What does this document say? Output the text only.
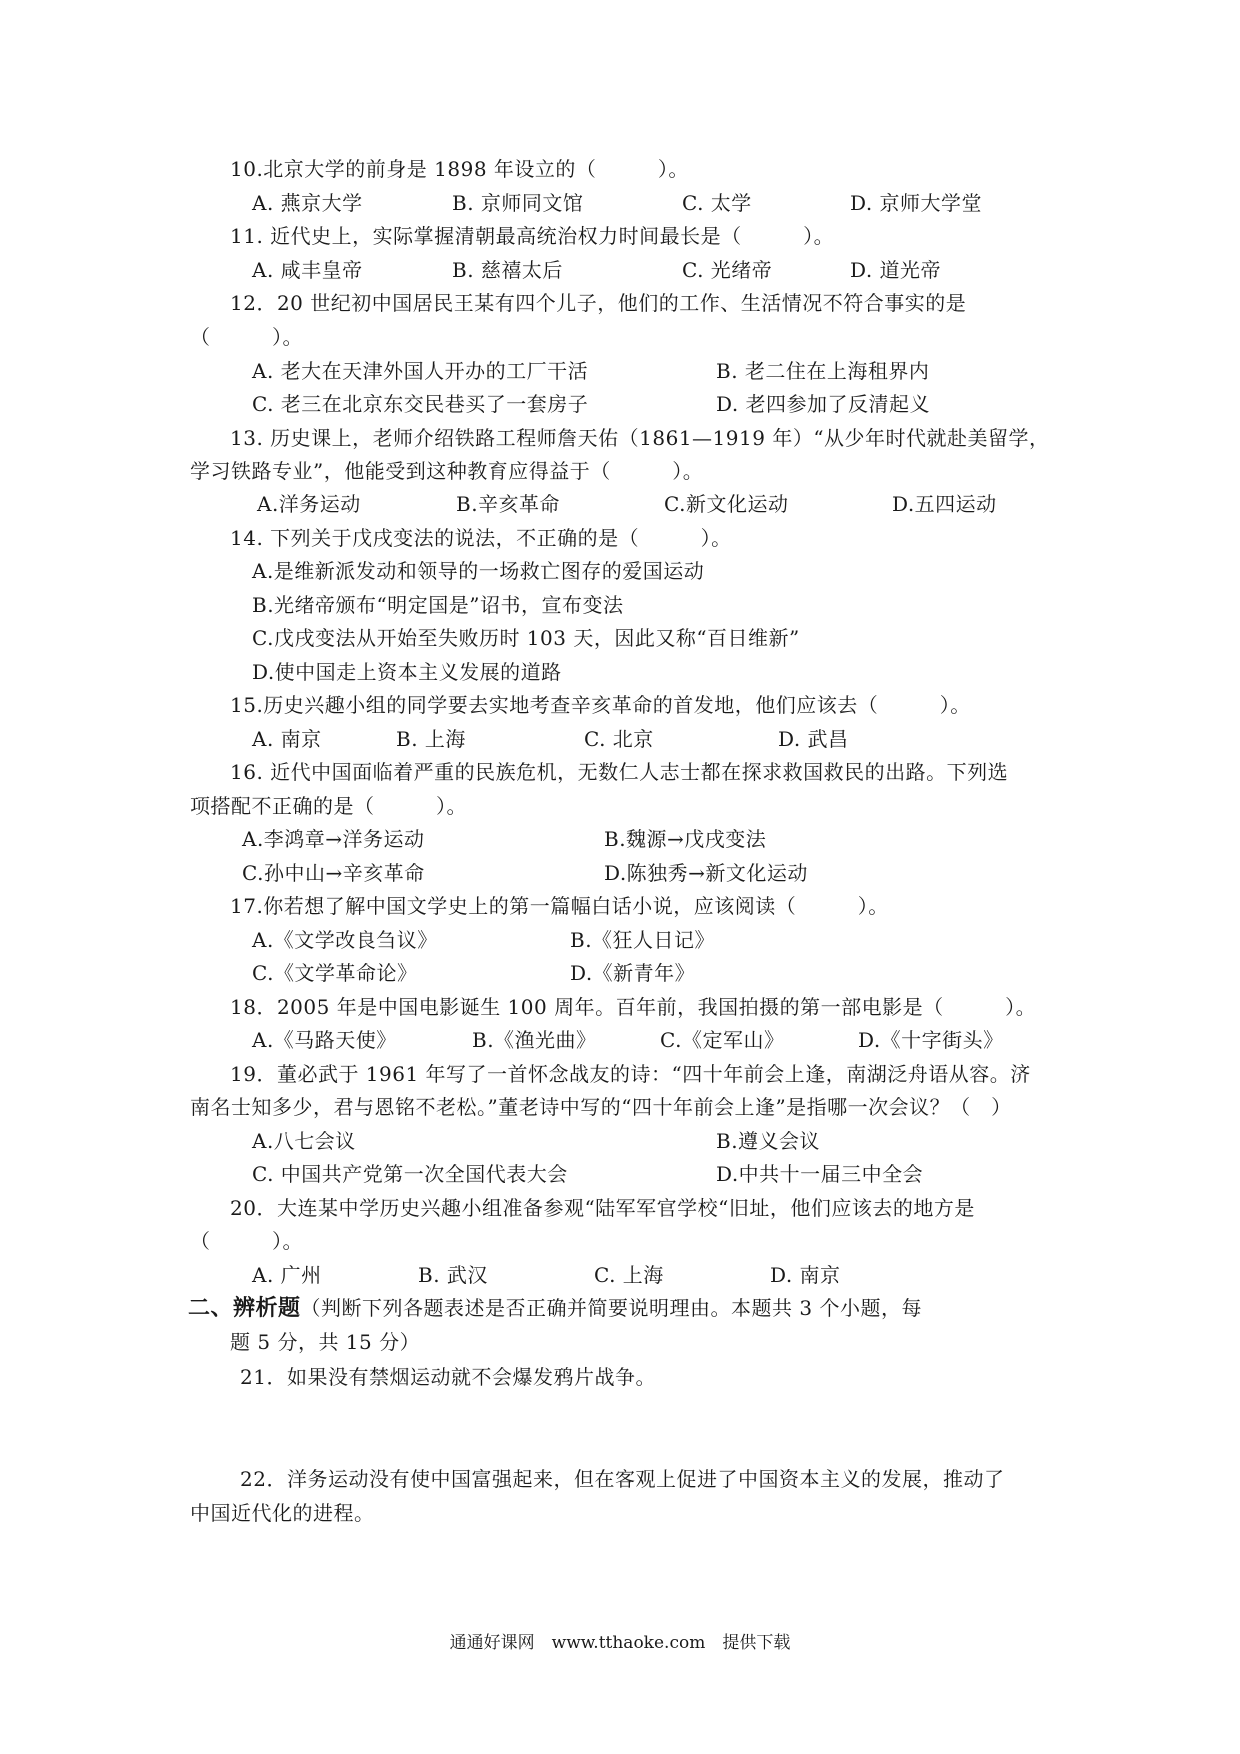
10.北京大学的前身是 1898 年设立的（　　　）。
A. 燕京大学	B. 京师同文馆	C. 太学	D. 京师大学堂
11. 近代史上，实际掌握清朝最高统治权力时间最长是（　　　）。
A. 咸丰皇帝	B. 慈禧太后	C. 光绪帝	D. 道光帝
12．20 世纪初中国居民王某有四个儿子，他们的工作、生活情况不符合事实的是
（　　　）。
A. 老大在天津外国人开办的工厂干活	B. 老二住在上海租界内
C. 老三在北京东交民巷买了一套房子	D. 老四参加了反清起义
13. 历史课上，老师介绍铁路工程师詹天佑（1861—1919 年）“从少年时代就赴美留学，
学习铁路专业”，他能受到这种教育应得益于（　　　）。
A.洋务运动	B.辛亥革命	C.新文化运动	D.五四运动
14. 下列关于戊戌变法的说法，不正确的是（　　　）。
A.是维新派发动和领导的一场救亡图存的爱国运动
B.光绪帝颁布“明定国是”诏书，宣布变法
C.戊戌变法从开始至失败历时 103 天，因此又称“百日维新”
D.使中国走上资本主义发展的道路
15.历史兴趣小组的同学要去实地考查辛亥革命的首发地，他们应该去（　　　）。
A. 南京	B. 上海	C. 北京	D. 武昌
16. 近代中国面临着严重的民族危机，无数仁人志士都在探求救国救民的出路。下列选
项搭配不正确的是（　　　）。
A.李鸿章→洋务运动	B.魏源→戊戌变法
C.孙中山→辛亥革命	D.陈独秀→新文化运动
17.你若想了解中国文学史上的第一篇幅白话小说，应该阅读（　　　）。
A.《文学改良刍议》	B.《狂人日记》
C.《文学革命论》	D.《新青年》
18．2005 年是中国电影诞生 100 周年。百年前，我国拍摄的第一部电影是（　　　）。
A.《马路天使》	B.《渔光曲》	C.《定军山》	D.《十字街头》
19．董必武于 1961 年写了一首怀念战友的诗：“四十年前会上逢，南湖泛舟语从容。济
南名士知多少，君与恩铭不老松。”董老诗中写的“四十年前会上逢”是指哪一次会议？（　）
A.八七会议	B.遵义会议
C. 中国共产党第一次全国代表大会	D.中共十一届三中全会
20．大连某中学历史兴趣小组准备参观“陆军军官学校“旧址，他们应该去的地方是
（　　　）。
A. 广州	B. 武汉	C. 上海	D. 南京
二、辨析题（判断下列各题表述是否正确并简要说明理由。本题共 3 个小题，每
题 5 分，共 15 分）
21．如果没有禁烟运动就不会爆发鸦片战争。
22．洋务运动没有使中国富强起来，但在客观上促进了中国资本主义的发展，推动了
中国近代化的进程。
通通好课网　www.tthaoke.com　提供下载
